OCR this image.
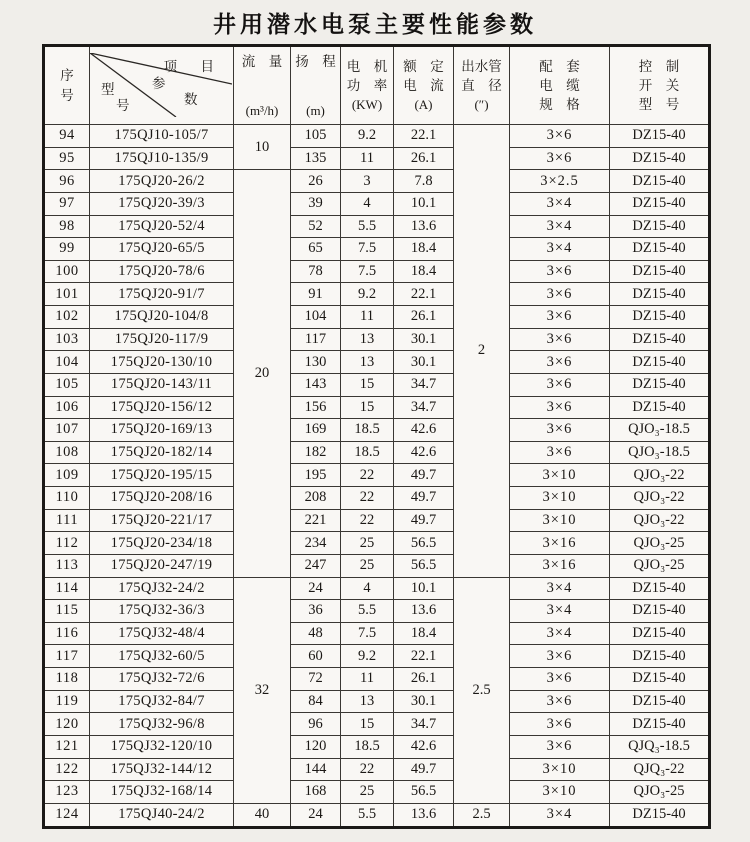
井用潜水电泵主要性能参数
序
号

项 目
参
数
型
号

流　量
(m³/h)

扬　程
(m)

电　机
功　率
(KW)

额　定
电　流
(A)

出水管
直　径
(″)

配　套
电　缆
规　格

控　制
开　关
型　号

94	175QJ10-105/7	10	105	9.2	22.1	2	3×6	DZ15-40
95	175QJ10-135/9		135	11	26.1		3×6	DZ15-40
96	175QJ20-26/2	20	26	3	7.8		3×2.5	DZ15-40
97	175QJ20-39/3		39	4	10.1		3×4	DZ15-40
98	175QJ20-52/4		52	5.5	13.6		3×4	DZ15-40
99	175QJ20-65/5		65	7.5	18.4		3×4	DZ15-40
100	175QJ20-78/6		78	7.5	18.4		3×6	DZ15-40
101	175QJ20-91/7		91	9.2	22.1		3×6	DZ15-40
102	175QJ20-104/8		104	11	26.1		3×6	DZ15-40
103	175QJ20-117/9		117	13	30.1		3×6	DZ15-40
104	175QJ20-130/10		130	13	30.1		3×6	DZ15-40
105	175QJ20-143/11		143	15	34.7		3×6	DZ15-40
106	175QJ20-156/12		156	15	34.7		3×6	DZ15-40
107	175QJ20-169/13		169	18.5	42.6		3×6	QJO₃-18.5
108	175QJ20-182/14		182	18.5	42.6		3×6	QJO₃-18.5
109	175QJ20-195/15		195	22	49.7		3×10	QJO₃-22
110	175QJ20-208/16		208	22	49.7		3×10	QJO₃-22
111	175QJ20-221/17		221	22	49.7		3×10	QJO₃-22
112	175QJ20-234/18		234	25	56.5		3×16	QJO₃-25
113	175QJ20-247/19		247	25	56.5		3×16	QJO₃-25
114	175QJ32-24/2	32	24	4	10.1	2.5	3×4	DZ15-40
115	175QJ32-36/3		36	5.5	13.6		3×4	DZ15-40
116	175QJ32-48/4		48	7.5	18.4		3×4	DZ15-40
117	175QJ32-60/5		60	9.2	22.1		3×6	DZ15-40
118	175QJ32-72/6		72	11	26.1		3×6	DZ15-40
119	175QJ32-84/7		84	13	30.1		3×6	DZ15-40
120	175QJ32-96/8		96	15	34.7		3×6	DZ15-40
121	175QJ32-120/10		120	18.5	42.6		3×6	QJQ₃-18.5
122	175QJ32-144/12		144	22	49.7		3×10	QJQ₃-22
123	175QJ32-168/14		168	25	56.5		3×10	QJO₃-25
124	175QJ40-24/2	40	24	5.5	13.6	2.5	3×4	DZ15-40
